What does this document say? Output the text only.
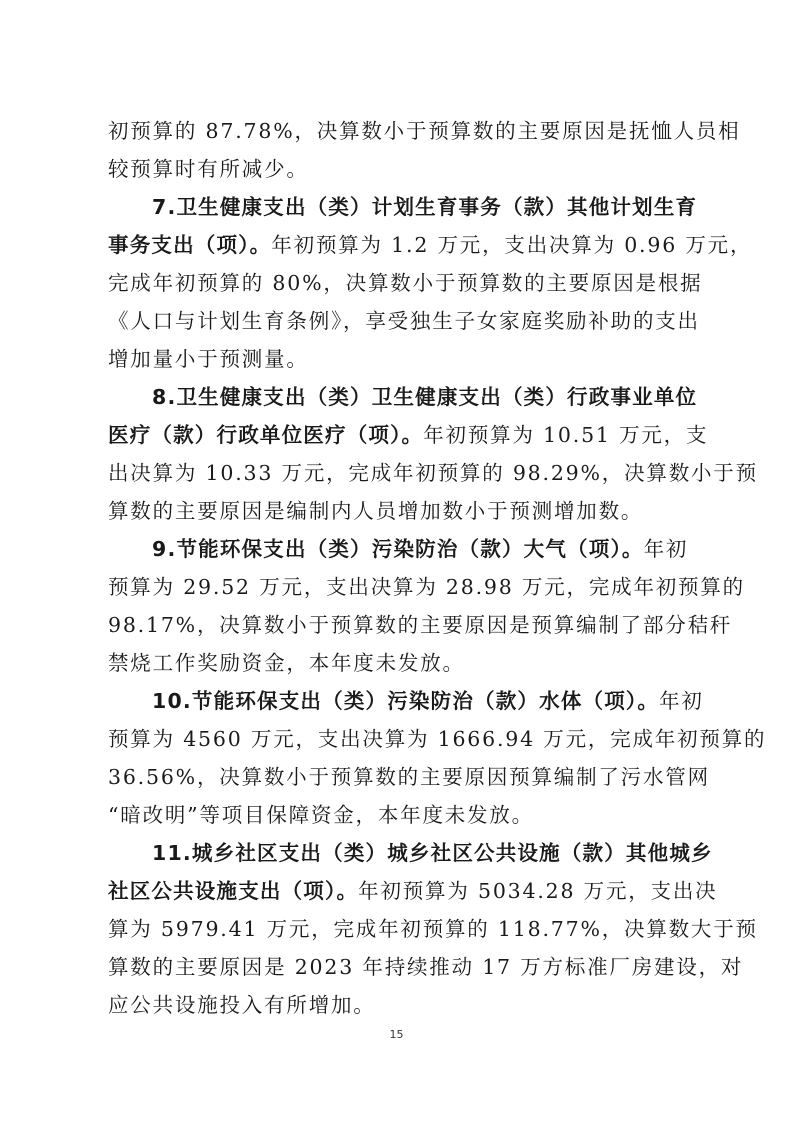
初预算的 87.78%，决算数小于预算数的主要原因是抚恤人员相
较预算时有所减少。
7.卫生健康支出（类）计划生育事务（款）其他计划生育
事务支出（项）。年初预算为 1.2 万元，支出决算为 0.96 万元，
完成年初预算的 80%，决算数小于预算数的主要原因是根据
《人口与计划生育条例》，享受独生子女家庭奖励补助的支出
增加量小于预测量。
8.卫生健康支出（类）卫生健康支出（类）行政事业单位
医疗（款）行政单位医疗（项）。年初预算为 10.51 万元，支
出决算为 10.33 万元，完成年初预算的 98.29%，决算数小于预
算数的主要原因是编制内人员增加数小于预测增加数。
9.节能环保支出（类）污染防治（款）大气（项）。年初
预算为 29.52 万元，支出决算为 28.98 万元，完成年初预算的
98.17%，决算数小于预算数的主要原因是预算编制了部分秸秆
禁烧工作奖励资金，本年度未发放。
10.节能环保支出（类）污染防治（款）水体（项）。年初
预算为 4560 万元，支出决算为 1666.94 万元，完成年初预算的
36.56%，决算数小于预算数的主要原因预算编制了污水管网
“暗改明”等项目保障资金，本年度未发放。
11.城乡社区支出（类）城乡社区公共设施（款）其他城乡
社区公共设施支出（项）。年初预算为 5034.28 万元，支出决
算为 5979.41 万元，完成年初预算的 118.77%，决算数大于预
算数的主要原因是 2023 年持续推动 17 万方标准厂房建设，对
应公共设施投入有所增加。
15
